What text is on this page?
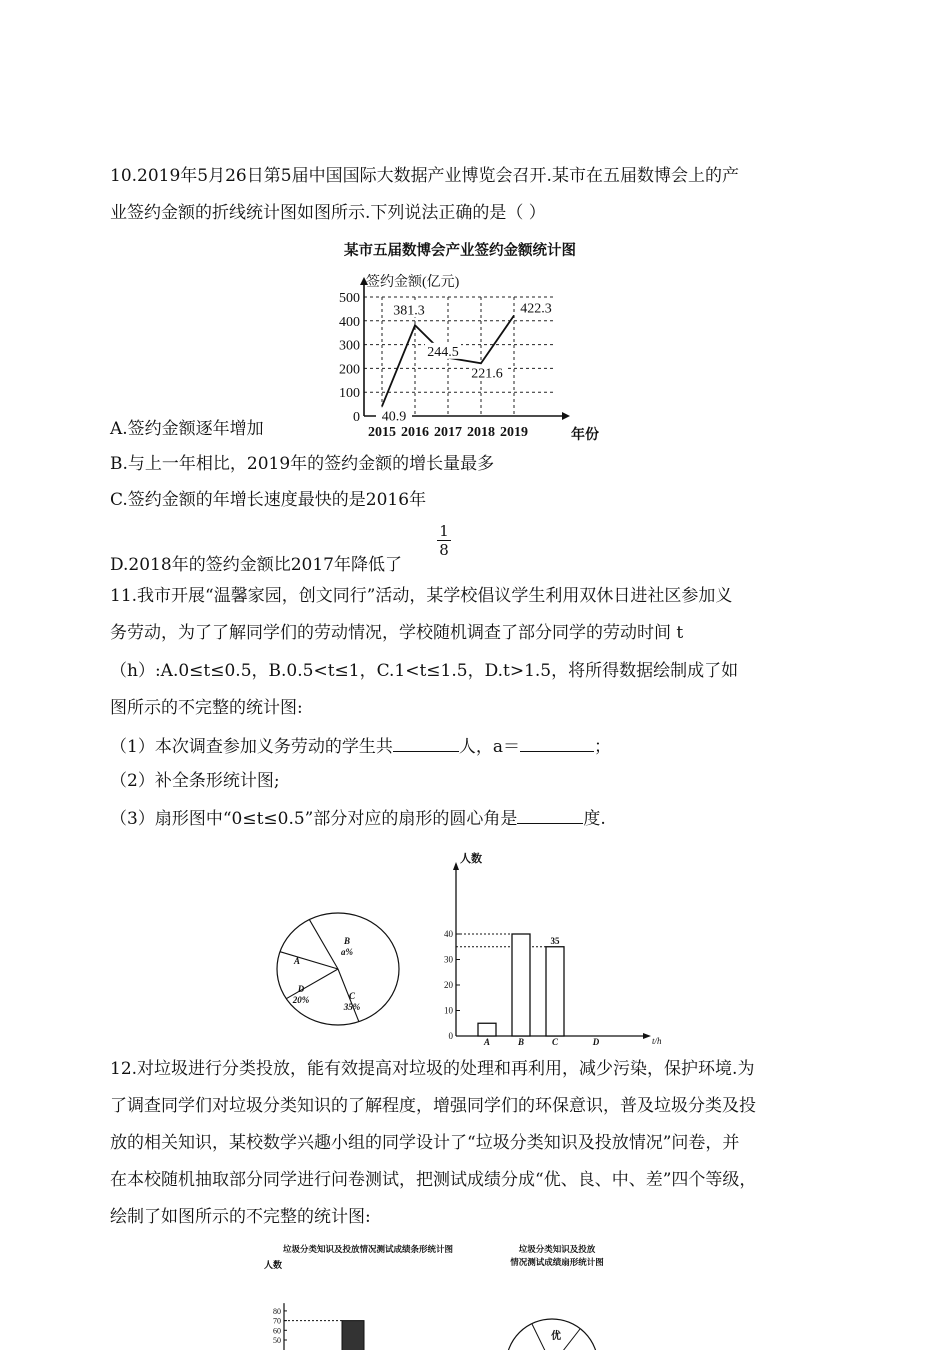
10.2019年5月26日第5届中国国际大数据产业博览会召开.某市在五届数博会上的产
业签约金额的折线统计图如图所示.下列说法正确的是（ ）
某市五届数博会产业签约金额统计图
签约金额(亿元)
0
100
200
300
400
500
2015 2016 2017 2018 2019	年份
40.9
381.3
244.5
221.6
422.3
A.签约金额逐年增加
B.与上一年相比，2019年的签约金额的增长量最多
C.签约金额的年增长速度最快的是2016年
D.2018年的签约金额比2017年降低了
$\frac{1}{8}$
11.我市开展“温馨家园，创文同行”活动，某学校倡议学生利用双休日进社区参加义
务劳动，为了了解同学们的劳动情况，学校随机调查了部分同学的劳动时间 t
（h）:A.0≤t≤0.5，B.0.5<t≤1，C.1<t≤1.5，D.t>1.5，将所得数据绘制成了如
图所示的不完整的统计图:
（1）本次调查参加义务劳动的学生共	人，a＝	；
（2）补全条形统计图;
（3）扇形图中“0≤t≤0.5”部分对应的扇形的圆心角是	度.
A
B
a%
C
35%
D
20%
人数
0
10
20
30
40
A	B	C	D
35
t/h
12.对垃圾进行分类投放，能有效提高对垃圾的处理和再利用，减少污染，保护环境.为
了调查同学们对垃圾分类知识的了解程度，增强同学们的环保意识，普及垃圾分类及投
放的相关知识，某校数学兴趣小组的同学设计了“垃圾分类知识及投放情况”问卷，并
在本校随机抽取部分同学进行问卷测试，把测试成绩分成“优、良、中、差”四个等级，
绘制了如图所示的不完整的统计图:
垃圾分类知识及投放情况测试成绩条形统计图
人数
50
60
70
80
垃圾分类知识及投放
情况测试成绩扇形统计图
优
